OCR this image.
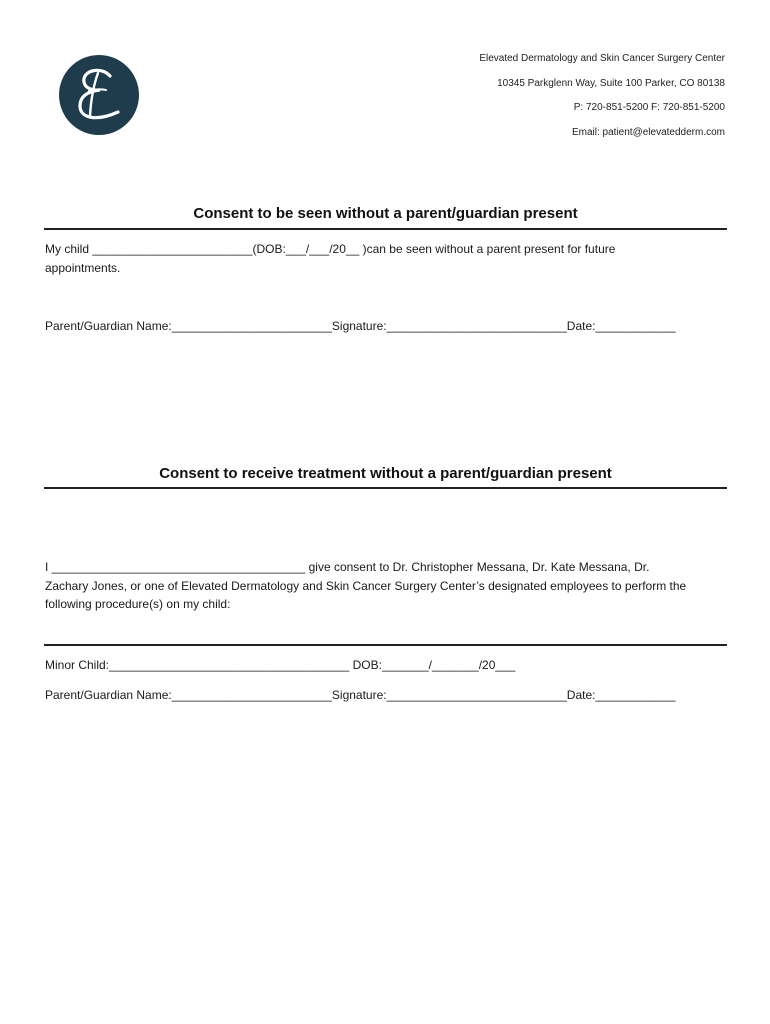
Elevated Dermatology and Skin Cancer Surgery Center
10345 Parkglenn Way, Suite 100 Parker, CO 80138
P: 720-851-5200 F: 720-851-5200
Email: patient@elevatedderm.com
Consent to be seen without a parent/guardian present
My child ________________________(DOB:___/___/20__ )can be seen without a parent present for future
appointments.
Parent/Guardian Name:________________________Signature:___________________________Date:____________
Consent to receive treatment without a parent/guardian present
I ______________________________________ give consent to Dr. Christopher Messana, Dr. Kate Messana, Dr.
Zachary Jones, or one of Elevated Dermatology and Skin Cancer Surgery Center’s designated employees to perform the
following procedure(s) on my child:
Minor Child:____________________________________ DOB:_______/_______/20___
Parent/Guardian Name:________________________Signature:___________________________Date:____________
